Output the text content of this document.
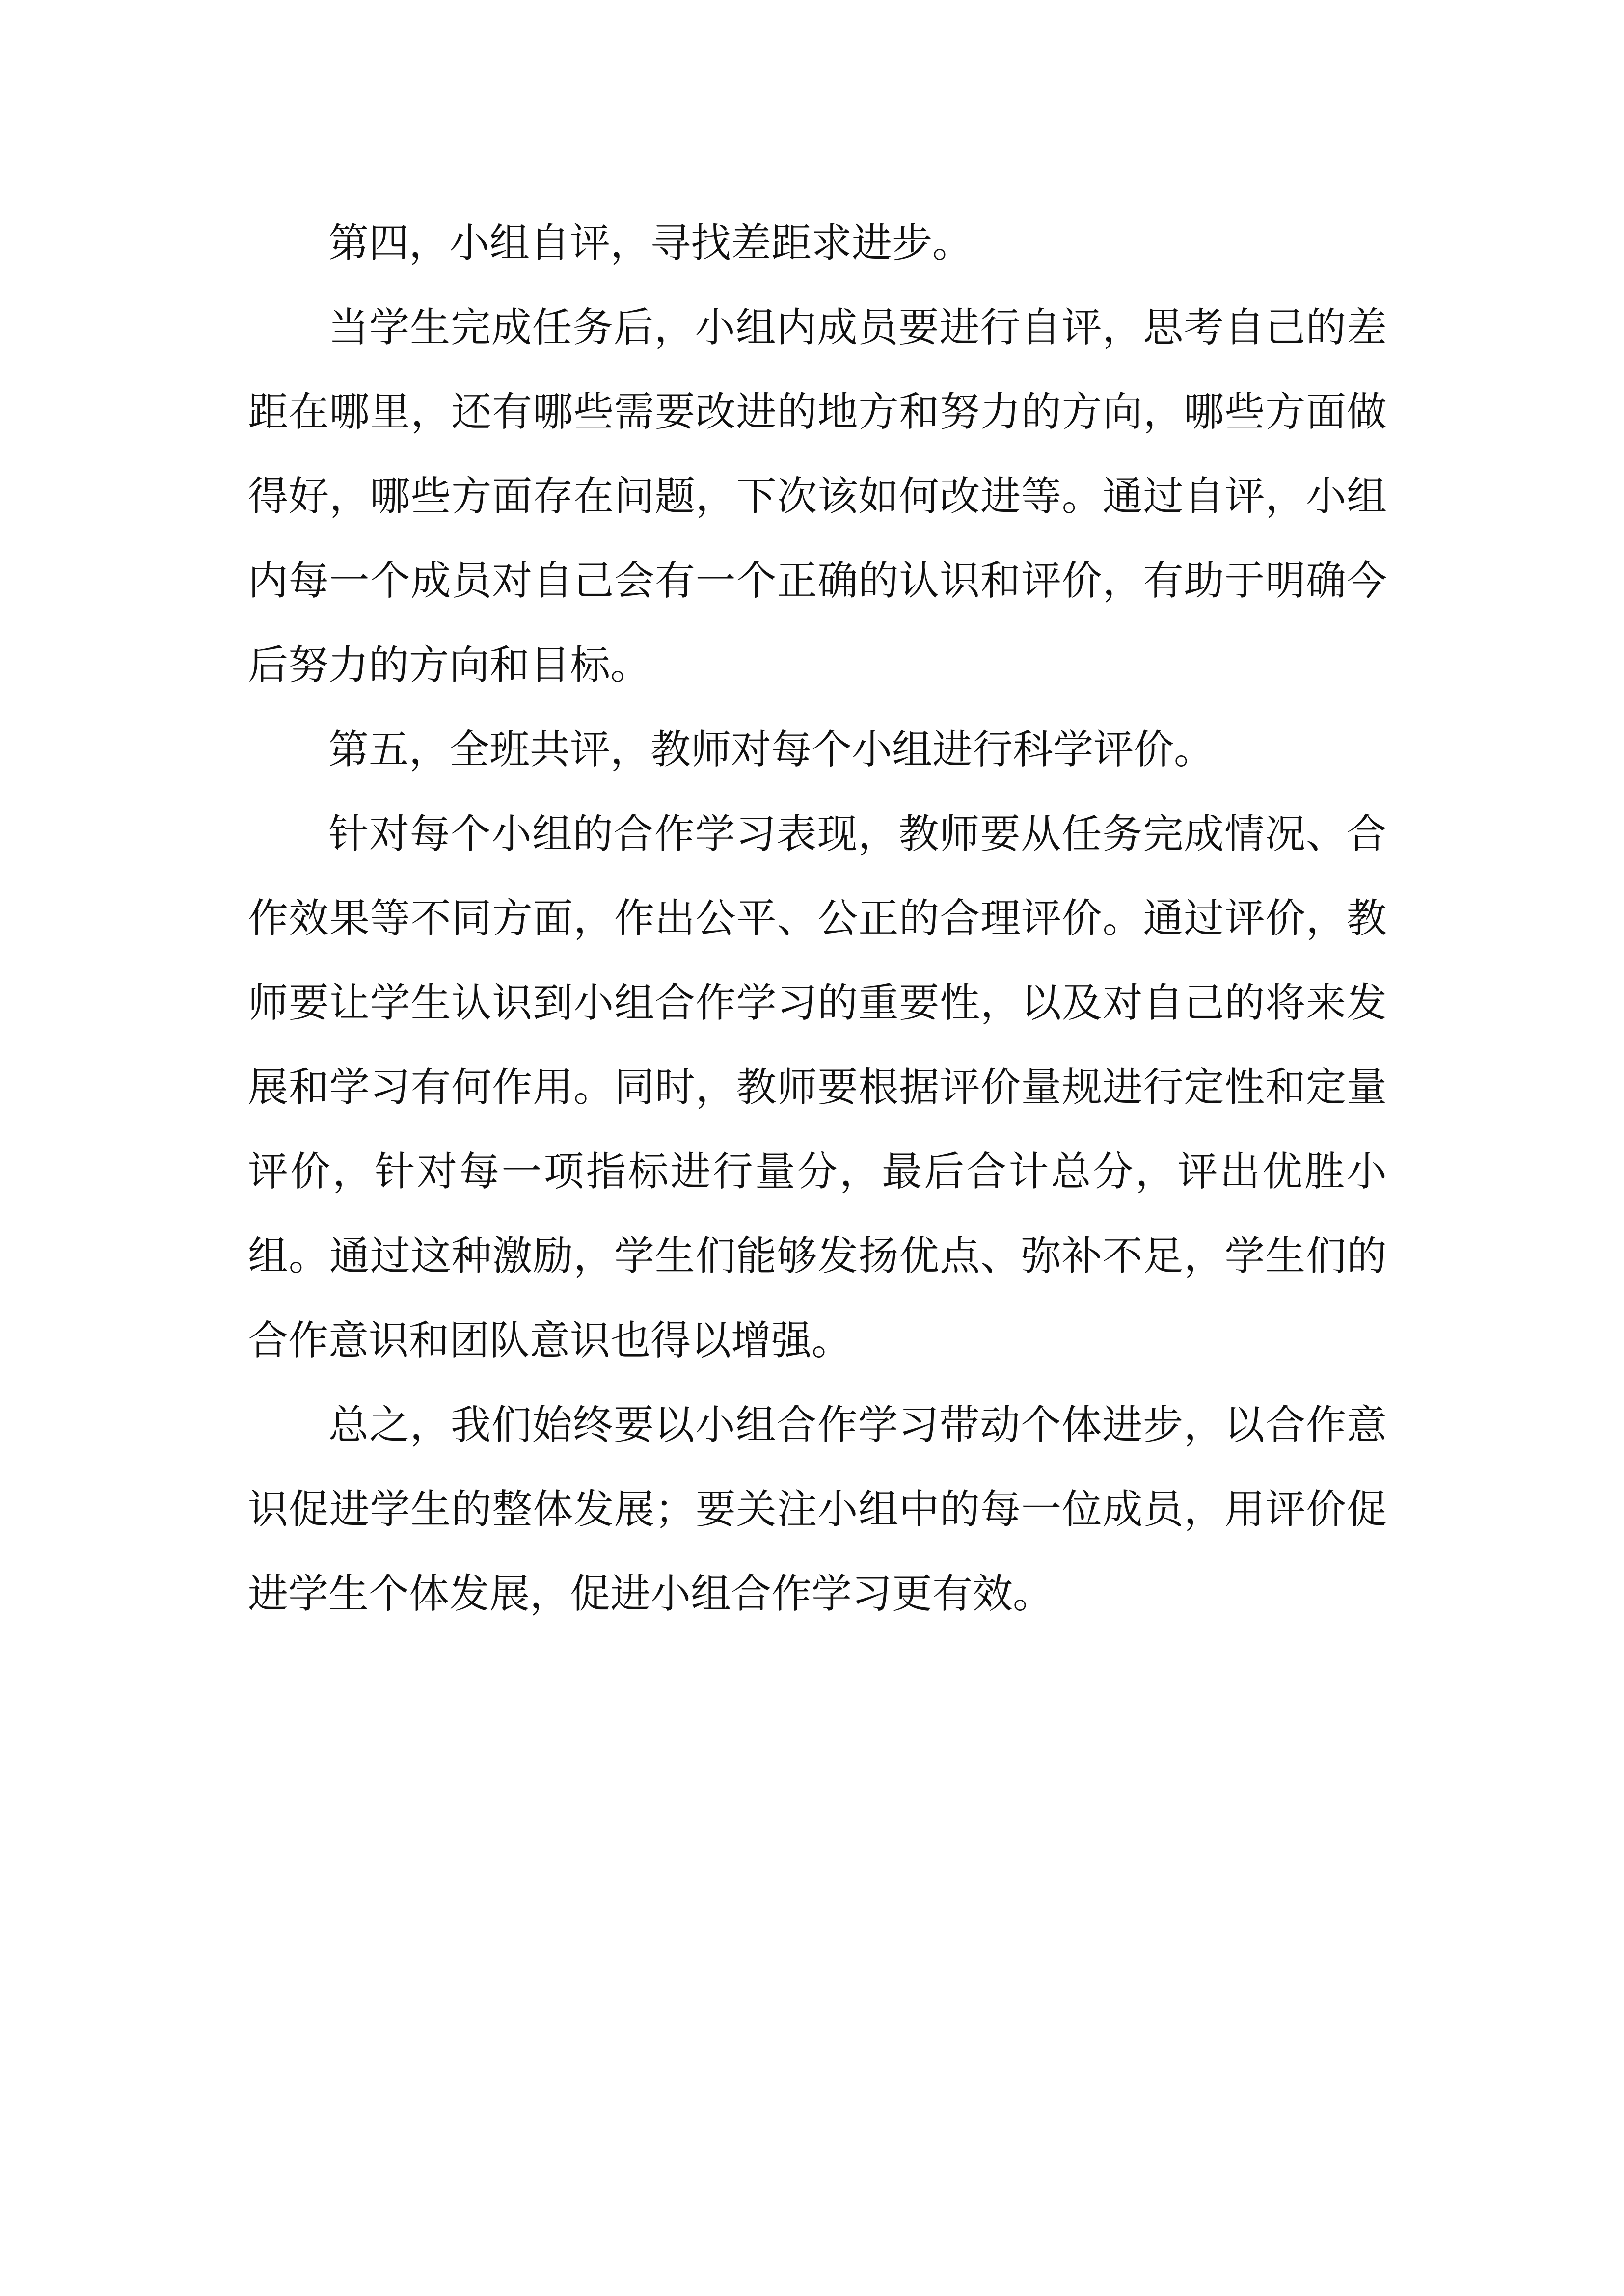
第四，小组自评，寻找差距求进步。

当学生完成任务后，小组内成员要进行自评，思考自己的差距在哪里，还有哪些需要改进的地方和努力的方向，哪些方面做得好，哪些方面存在问题，下次该如何改进等。通过自评，小组内每一个成员对自己会有一个正确的认识和评价，有助于明确今后努力的方向和目标。

第五，全班共评，教师对每个小组进行科学评价。

针对每个小组的合作学习表现，教师要从任务完成情况、合作效果等不同方面，作出公平、公正的合理评价。通过评价，教师要让学生认识到小组合作学习的重要性，以及对自己的将来发展和学习有何作用。同时，教师要根据评价量规进行定性和定量评价，针对每一项指标进行量分，最后合计总分，评出优胜小组。通过这种激励，学生们能够发扬优点、弥补不足，学生们的合作意识和团队意识也得以增强。

总之，我们始终要以小组合作学习带动个体进步，以合作意识促进学生的整体发展；要关注小组中的每一位成员，用评价促进学生个体发展，促进小组合作学习更有效。
